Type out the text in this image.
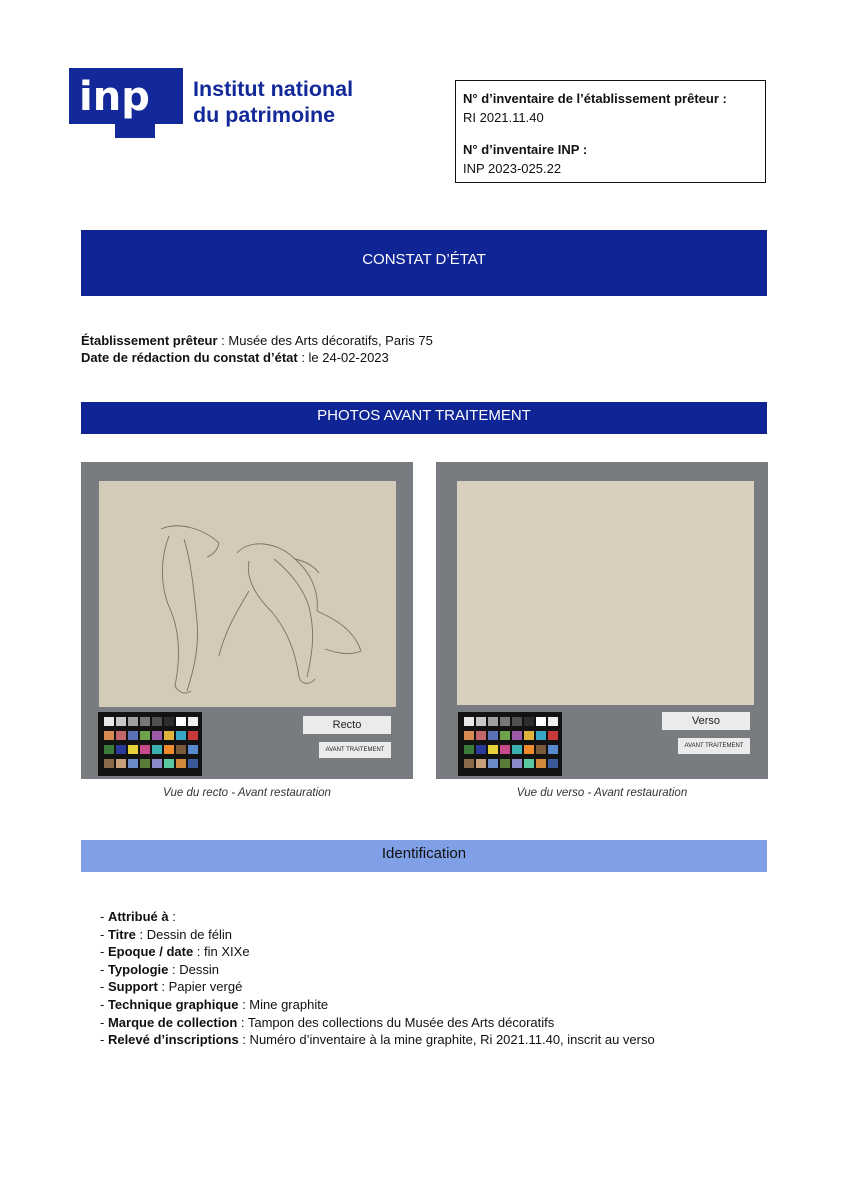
inp Institut national
du patrimoine
N° d’inventaire de l’établissement prêteur :
RI 2021.11.40
N° d’inventaire INP :
INP 2023-025.22
CONSTAT D’ÉTAT
Établissement prêteur : Musée des Arts décoratifs, Paris 75
Date de rédaction du constat d’état : le 24-02-2023
PHOTOS AVANT TRAITEMENT
Recto
AVANT TRAITEMENT
Vue du recto - Avant restauration
Verso
AVANT TRAITEMENT
Vue du verso - Avant restauration
Identification
- Attribué à :
- Titre : Dessin de félin
- Epoque / date : fin XIXe
- Typologie : Dessin
- Support : Papier vergé
- Technique graphique : Mine graphite
- Marque de collection : Tampon des collections du Musée des Arts décoratifs
- Relevé d’inscriptions : Numéro d’inventaire à la mine graphite, Ri 2021.11.40, inscrit au verso
